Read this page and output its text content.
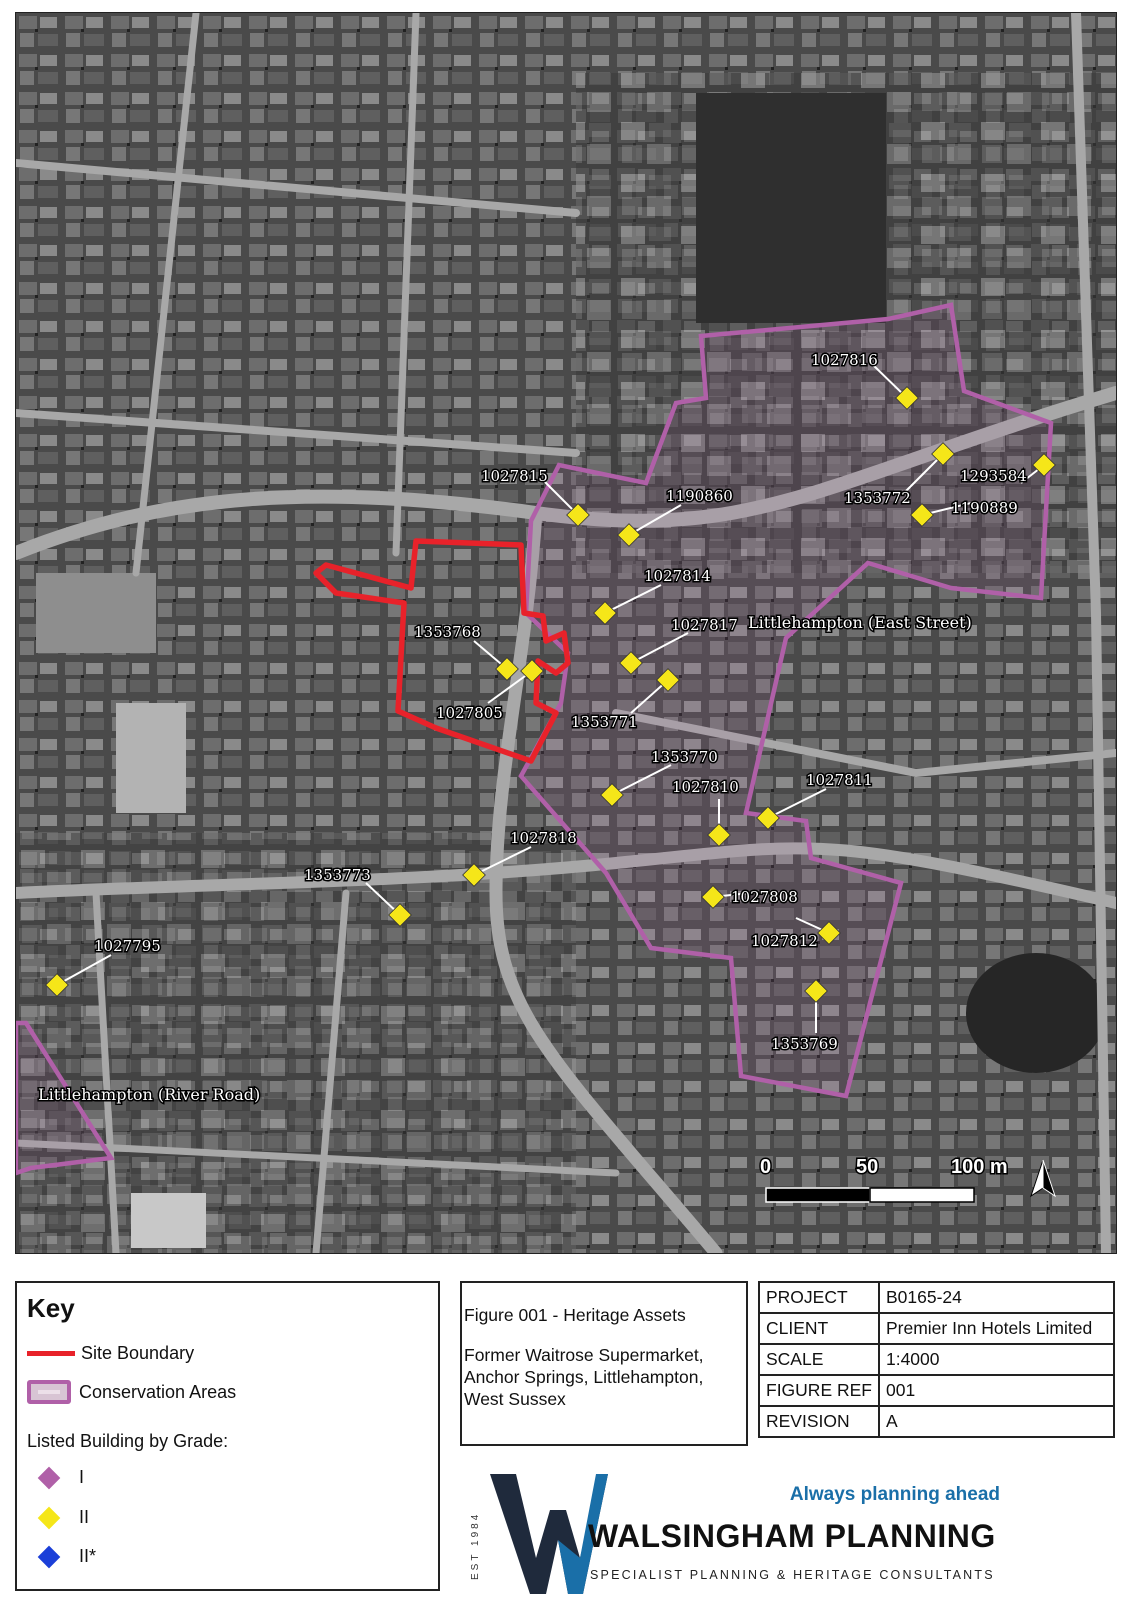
1027816
1027815
1190860	1353772
1293584
1190889
1027814
1027817
1353768
1027805	1353771
1353770
1027810	1027811
1027818
1353773
1027808
1027812
1353769
1027795
Littlehampton (East Street)
Littlehampton (River Road)
0	50	100 m
Key
Site Boundary
Conservation Areas
Listed Building by Grade:
I
II
II*
Figure 001 - Heritage Assets
Former Waitrose Supermarket, Anchor Springs, Littlehampton, West Sussex
PROJECT	B0165-24
CLIENT	Premier Inn Hotels Limited
SCALE	1:4000
FIGURE REF	001
REVISION	A
EST 1984
Always planning ahead
WALSINGHAM PLANNING
SPECIALIST PLANNING & HERITAGE CONSULTANTS
